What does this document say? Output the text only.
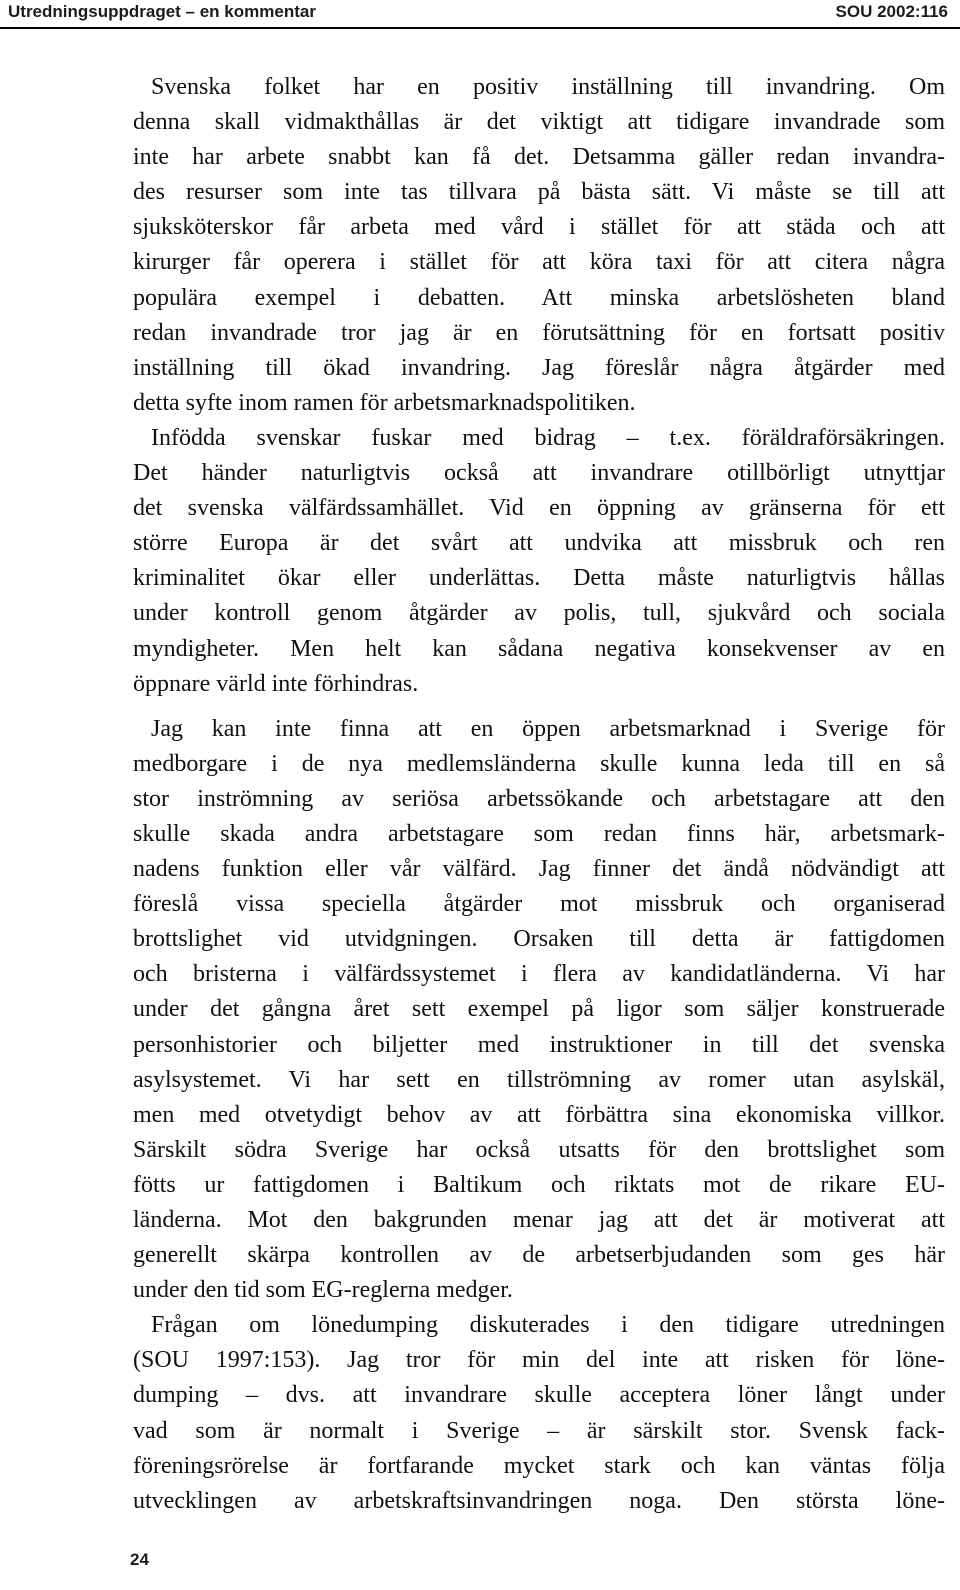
Utredningsuppdraget – en kommentar	SOU 2002:116
Svenska folket har en positiv inställning till invandring. Om
denna skall vidmakthållas är det viktigt att tidigare invandrade som
inte har arbete snabbt kan få det. Detsamma gäller redan invandra-
des resurser som inte tas tillvara på bästa sätt. Vi måste se till att
sjuksköterskor får arbeta med vård i stället för att städa och att
kirurger får operera i stället för att köra taxi för att citera några
populära exempel i debatten. Att minska arbetslösheten bland
redan invandrade tror jag är en förutsättning för en fortsatt positiv
inställning till ökad invandring. Jag föreslår några åtgärder med
detta syfte inom ramen för arbetsmarknadspolitiken.
Infödda svenskar fuskar med bidrag – t.ex. föräldraförsäkringen.
Det händer naturligtvis också att invandrare otillbörligt utnyttjar
det svenska välfärdssamhället. Vid en öppning av gränserna för ett
större Europa är det svårt att undvika att missbruk och ren
kriminalitet ökar eller underlättas. Detta måste naturligtvis hållas
under kontroll genom åtgärder av polis, tull, sjukvård och sociala
myndigheter. Men helt kan sådana negativa konsekvenser av en
öppnare värld inte förhindras.
Jag kan inte finna att en öppen arbetsmarknad i Sverige för
medborgare i de nya medlemsländerna skulle kunna leda till en så
stor inströmning av seriösa arbetssökande och arbetstagare att den
skulle skada andra arbetstagare som redan finns här, arbetsmark-
nadens funktion eller vår välfärd. Jag finner det ändå nödvändigt att
föreslå vissa speciella åtgärder mot missbruk och organiserad
brottslighet vid utvidgningen. Orsaken till detta är fattigdomen
och bristerna i välfärdssystemet i flera av kandidatländerna. Vi har
under det gångna året sett exempel på ligor som säljer konstruerade
personhistorier och biljetter med instruktioner in till det svenska
asylsystemet. Vi har sett en tillströmning av romer utan asylskäl,
men med otvetydigt behov av att förbättra sina ekonomiska villkor.
Särskilt södra Sverige har också utsatts för den brottslighet som
fötts ur fattigdomen i Baltikum och riktats mot de rikare EU-
länderna. Mot den bakgrunden menar jag att det är motiverat att
generellt skärpa kontrollen av de arbetserbjudanden som ges här
under den tid som EG-reglerna medger.
Frågan om lönedumping diskuterades i den tidigare utredningen
(SOU 1997:153). Jag tror för min del inte att risken för löne-
dumping – dvs. att invandrare skulle acceptera löner långt under
vad som är normalt i Sverige – är särskilt stor. Svensk fack-
föreningsrörelse är fortfarande mycket stark och kan väntas följa
utvecklingen av arbetskraftsinvandringen noga. Den största löne-
24
